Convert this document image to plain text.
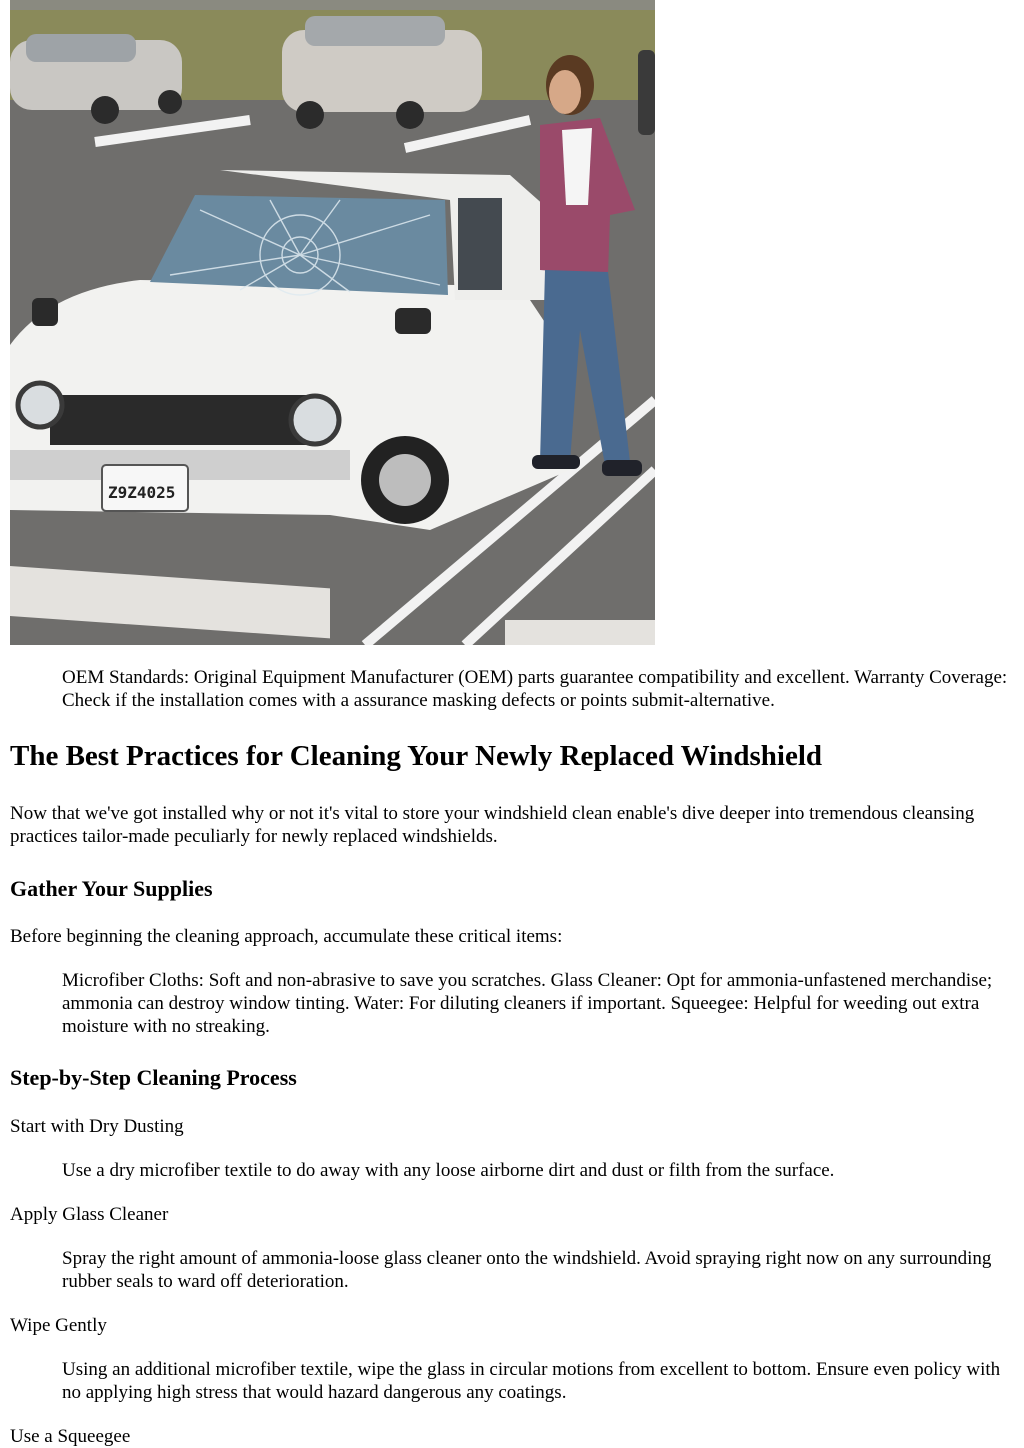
Z9Z4025
OEM Standards: Original Equipment Manufacturer (OEM) parts guarantee compatibility and excellent. Warranty Coverage: Check if the installation comes with a assurance masking defects or points submit-alternative.
The Best Practices for Cleaning Your Newly Replaced Windshield

Now that we've got installed why or not it's vital to store your windshield clean enable's dive deeper into tremendous cleansing practices tailor-made peculiarly for newly replaced windshields.

Gather Your Supplies

Before beginning the cleaning approach, accumulate these critical items:

Microfiber Cloths: Soft and non-abrasive to save you scratches. Glass Cleaner: Opt for ammonia-unfastened merchandise; ammonia can destroy window tinting. Water: For diluting cleaners if important. Squeegee: Helpful for weeding out extra moisture with no streaking.
Step-by-Step Cleaning Process

Start with Dry Dusting

Use a dry microfiber textile to do away with any loose airborne dirt and dust or filth from the surface.

Apply Glass Cleaner

Spray the right amount of ammonia-loose glass cleaner onto the windshield. Avoid spraying right now on any surrounding rubber seals to ward off deterioration.

Wipe Gently

Using an additional microfiber textile, wipe the glass in circular motions from excellent to bottom. Ensure even policy with no applying high stress that would hazard dangerous any coatings.

Use a Squeegee
